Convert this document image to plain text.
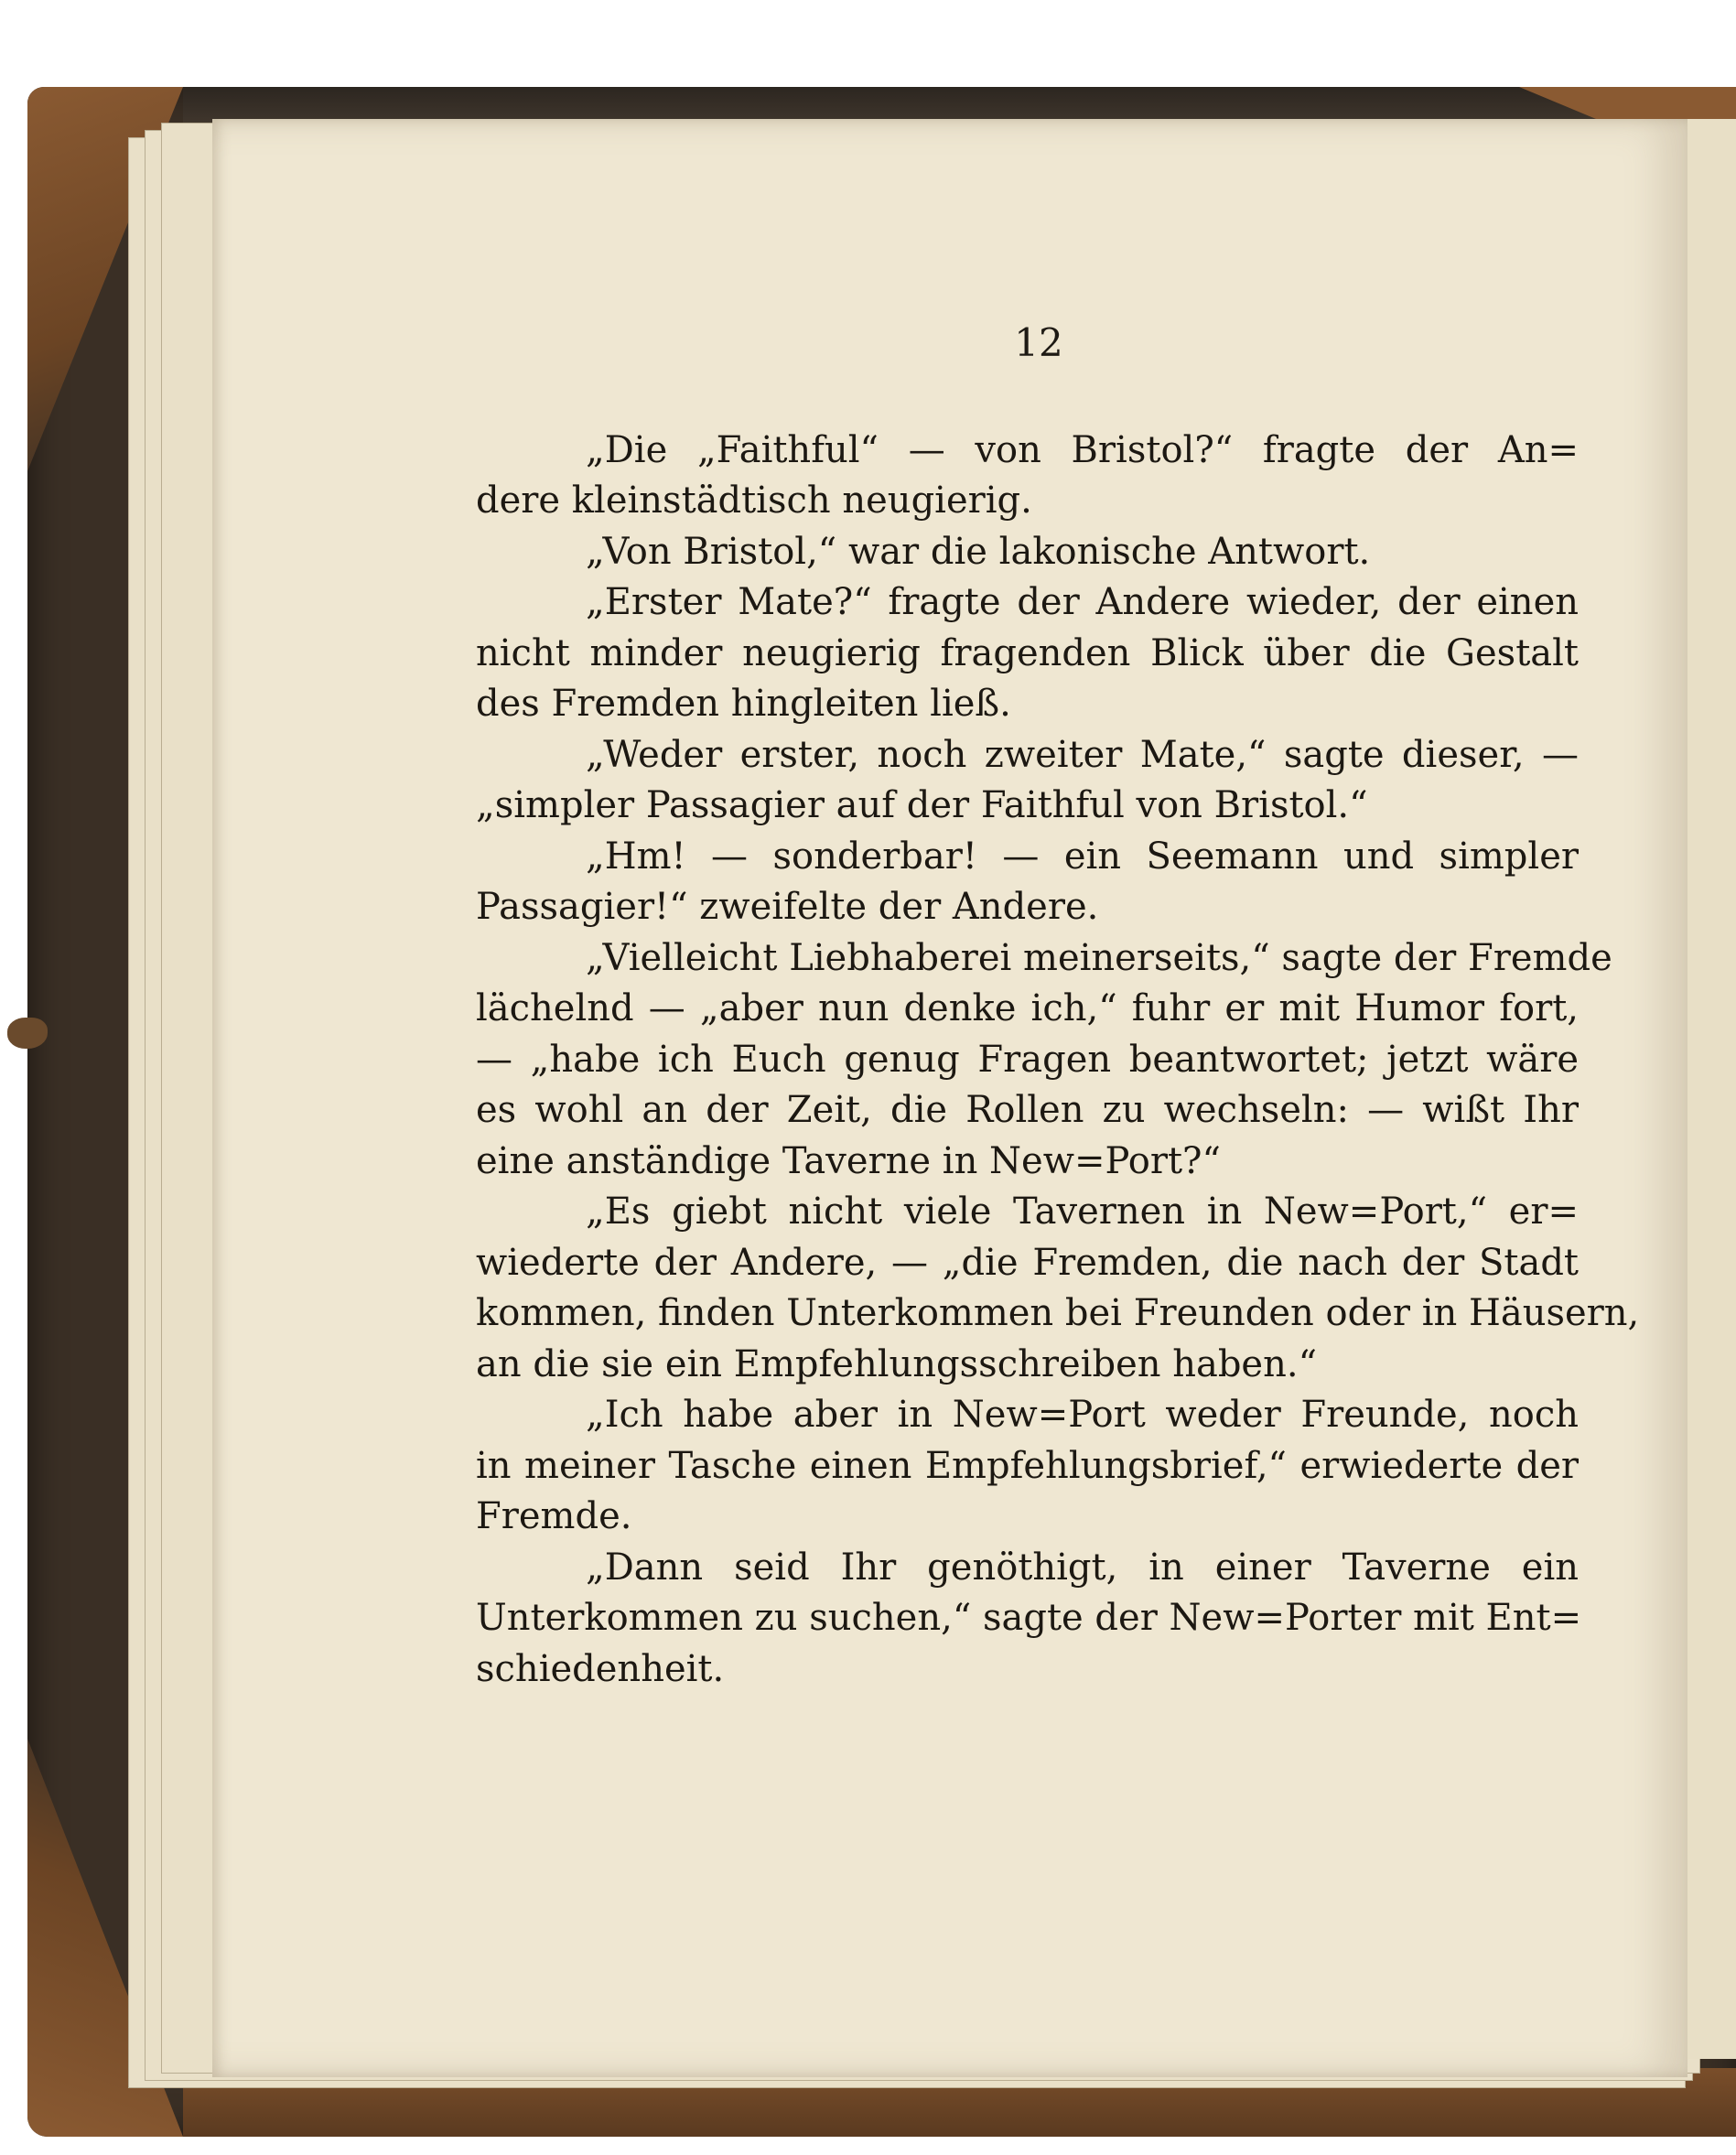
12
„Die „Faithful“ — von Bristol?“ fragte der An=
dere kleinstädtisch neugierig.
„Von Bristol,“ war die lakonische Antwort.
„Erster Mate?“ fragte der Andere wieder, der einen
nicht minder neugierig fragenden Blick über die Gestalt
des Fremden hingleiten ließ.
„Weder erster, noch zweiter Mate,“ sagte dieser, —
„simpler Passagier auf der Faithful von Bristol.“
„Hm! — sonderbar! — ein Seemann und simpler
Passagier!“ zweifelte der Andere.
„Vielleicht Liebhaberei meinerseits,“ sagte der Fremde
lächelnd — „aber nun denke ich,“ fuhr er mit Humor fort,
— „habe ich Euch genug Fragen beantwortet; jetzt wäre
es wohl an der Zeit, die Rollen zu wechseln: — wißt Ihr
eine anständige Taverne in New=Port?“
„Es giebt nicht viele Tavernen in New=Port,“ er=
wiederte der Andere, — „die Fremden, die nach der Stadt
kommen, finden Unterkommen bei Freunden oder in Häusern,
an die sie ein Empfehlungsschreiben haben.“
„Ich habe aber in New=Port weder Freunde, noch
in meiner Tasche einen Empfehlungsbrief,“ erwiederte der
Fremde.
„Dann seid Ihr genöthigt, in einer Taverne ein
Unterkommen zu suchen,“ sagte der New=Porter mit Ent=
schiedenheit.
